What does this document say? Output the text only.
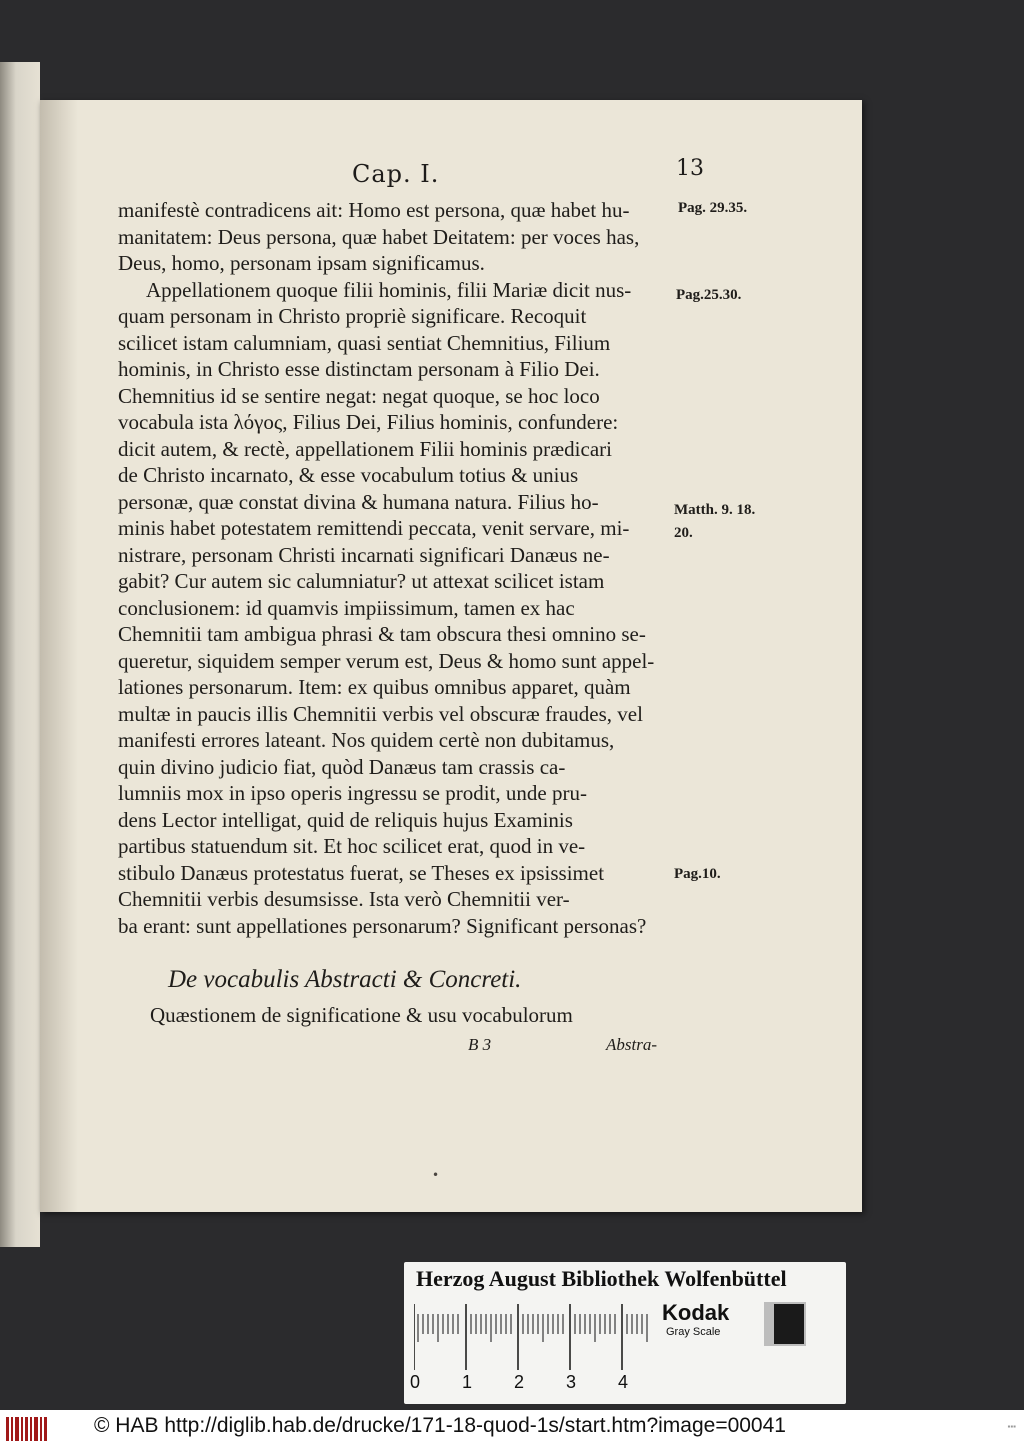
Cap. I.	13
manifestè contradicens ait: Homo est persona, quæ habet hu-
manitatem: Deus persona, quæ habet Deitatem: per voces has,
Deus, homo, personam ipsam significamus.
Appellationem quoque filii hominis, filii Mariæ dicit nus-
quam personam in Christo propriè significare. Recoquit
scilicet istam calumniam, quasi sentiat Chemnitius, Filium
hominis, in Christo esse distinctam personam à Filio Dei.
Chemnitius id se sentire negat: negat quoque, se hoc loco
vocabula ista λόγος, Filius Dei, Filius hominis, confundere:
dicit autem, & rectè, appellationem Filii hominis prædicari
de Christo incarnato, & esse vocabulum totius & unius
personæ, quæ constat divina & humana natura. Filius ho-
minis habet potestatem remittendi peccata, venit servare, mi-
nistrare, personam Christi incarnati significari Danæus ne-
gabit? Cur autem sic calumniatur? ut attexat scilicet istam
conclusionem: id quamvis impiissimum, tamen ex hac
Chemnitii tam ambigua phrasi & tam obscura thesi omnino se-
queretur, siquidem semper verum est, Deus & homo sunt appel-
lationes personarum. Item: ex quibus omnibus apparet, quàm
multæ in paucis illis Chemnitii verbis vel obscuræ fraudes, vel
manifesti errores lateant. Nos quidem certè non dubitamus,
quin divino judicio fiat, quòd Danæus tam crassis ca-
lumniis mox in ipso operis ingressu se prodit, unde pru-
dens Lector intelligat, quid de reliquis hujus Examinis
partibus statuendum sit. Et hoc scilicet erat, quod in ve-
stibulo Danæus protestatus fuerat, se Theses ex ipsissimet
Chemnitii verbis desumsisse. Ista verò Chemnitii ver-
ba erant: sunt appellationes personarum? Significant personas?
Pag. 29.35.
Pag.25.30.
Matth. 9. 18.
20.
Pag.10.
De vocabulis Abstracti & Concreti.
Quæstionem de significatione & usu vocabulorum
B 3	Abstra-
•
Herzog August Bibliothek Wolfenbüttel
0 1 2 3 4
Kodak
Gray Scale
© HAB http://diglib.hab.de/drucke/171-18-quod-1s/start.htm?image=00041	▪▪▪
